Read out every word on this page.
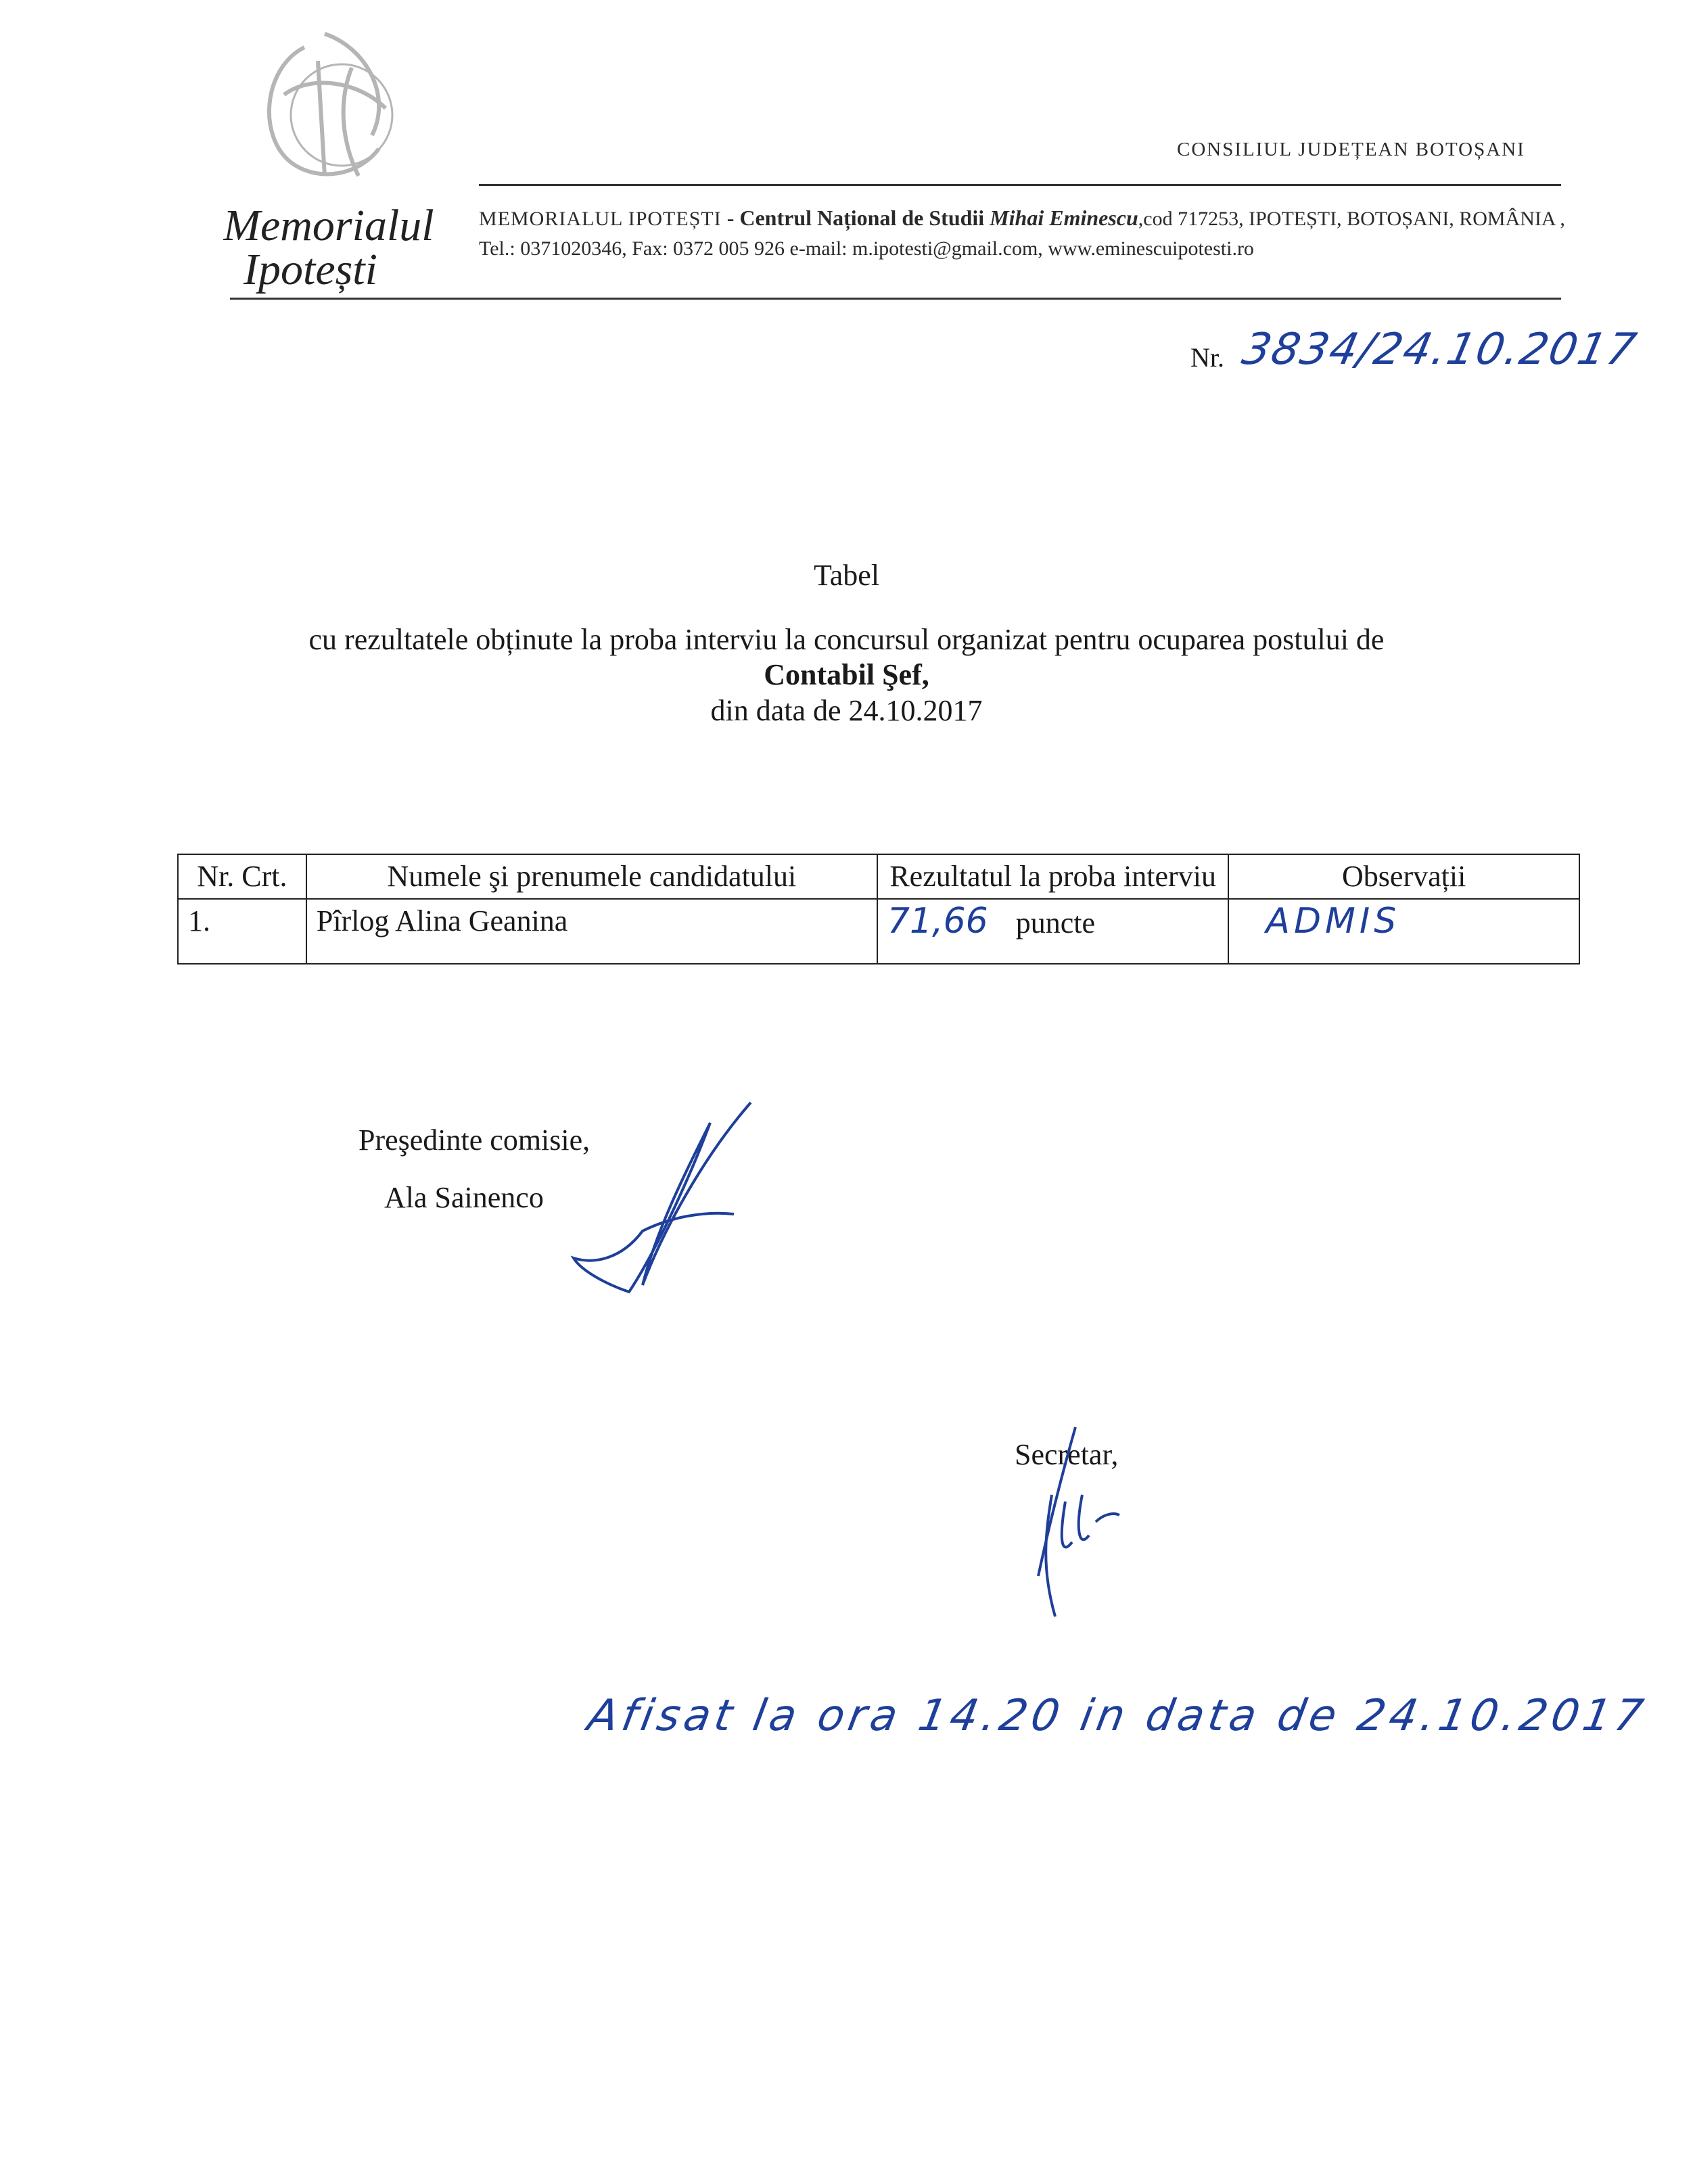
Memorialul
Ipotești
CONSILIUL JUDEȚEAN BOTOȘANI
MEMORIALUL IPOTEȘTI - Centrul Național de Studii Mihai Eminescu,cod 717253, IPOTEȘTI, BOTOȘANI, ROMÂNIA , Tel.: 0371020346, Fax: 0372 005 926 e-mail: m.ipotesti@gmail.com, www.eminescuipotesti.ro
Nr. 3834/24.10.2017
Tabel
cu rezultatele obținute la proba interviu la concursul organizat pentru ocuparea postului de
Contabil Şef,
din data de 24.10.2017
Nr. Crt.	Numele şi prenumele candidatului	Rezultatul la proba interviu	Observații
1.	Pîrlog Alina Geanina	71,66 puncte	ADMIS
Preşedinte comisie,
Ala Sainenco
Secretar,
Afisat la ora 14.20 in data de 24.10.2017
